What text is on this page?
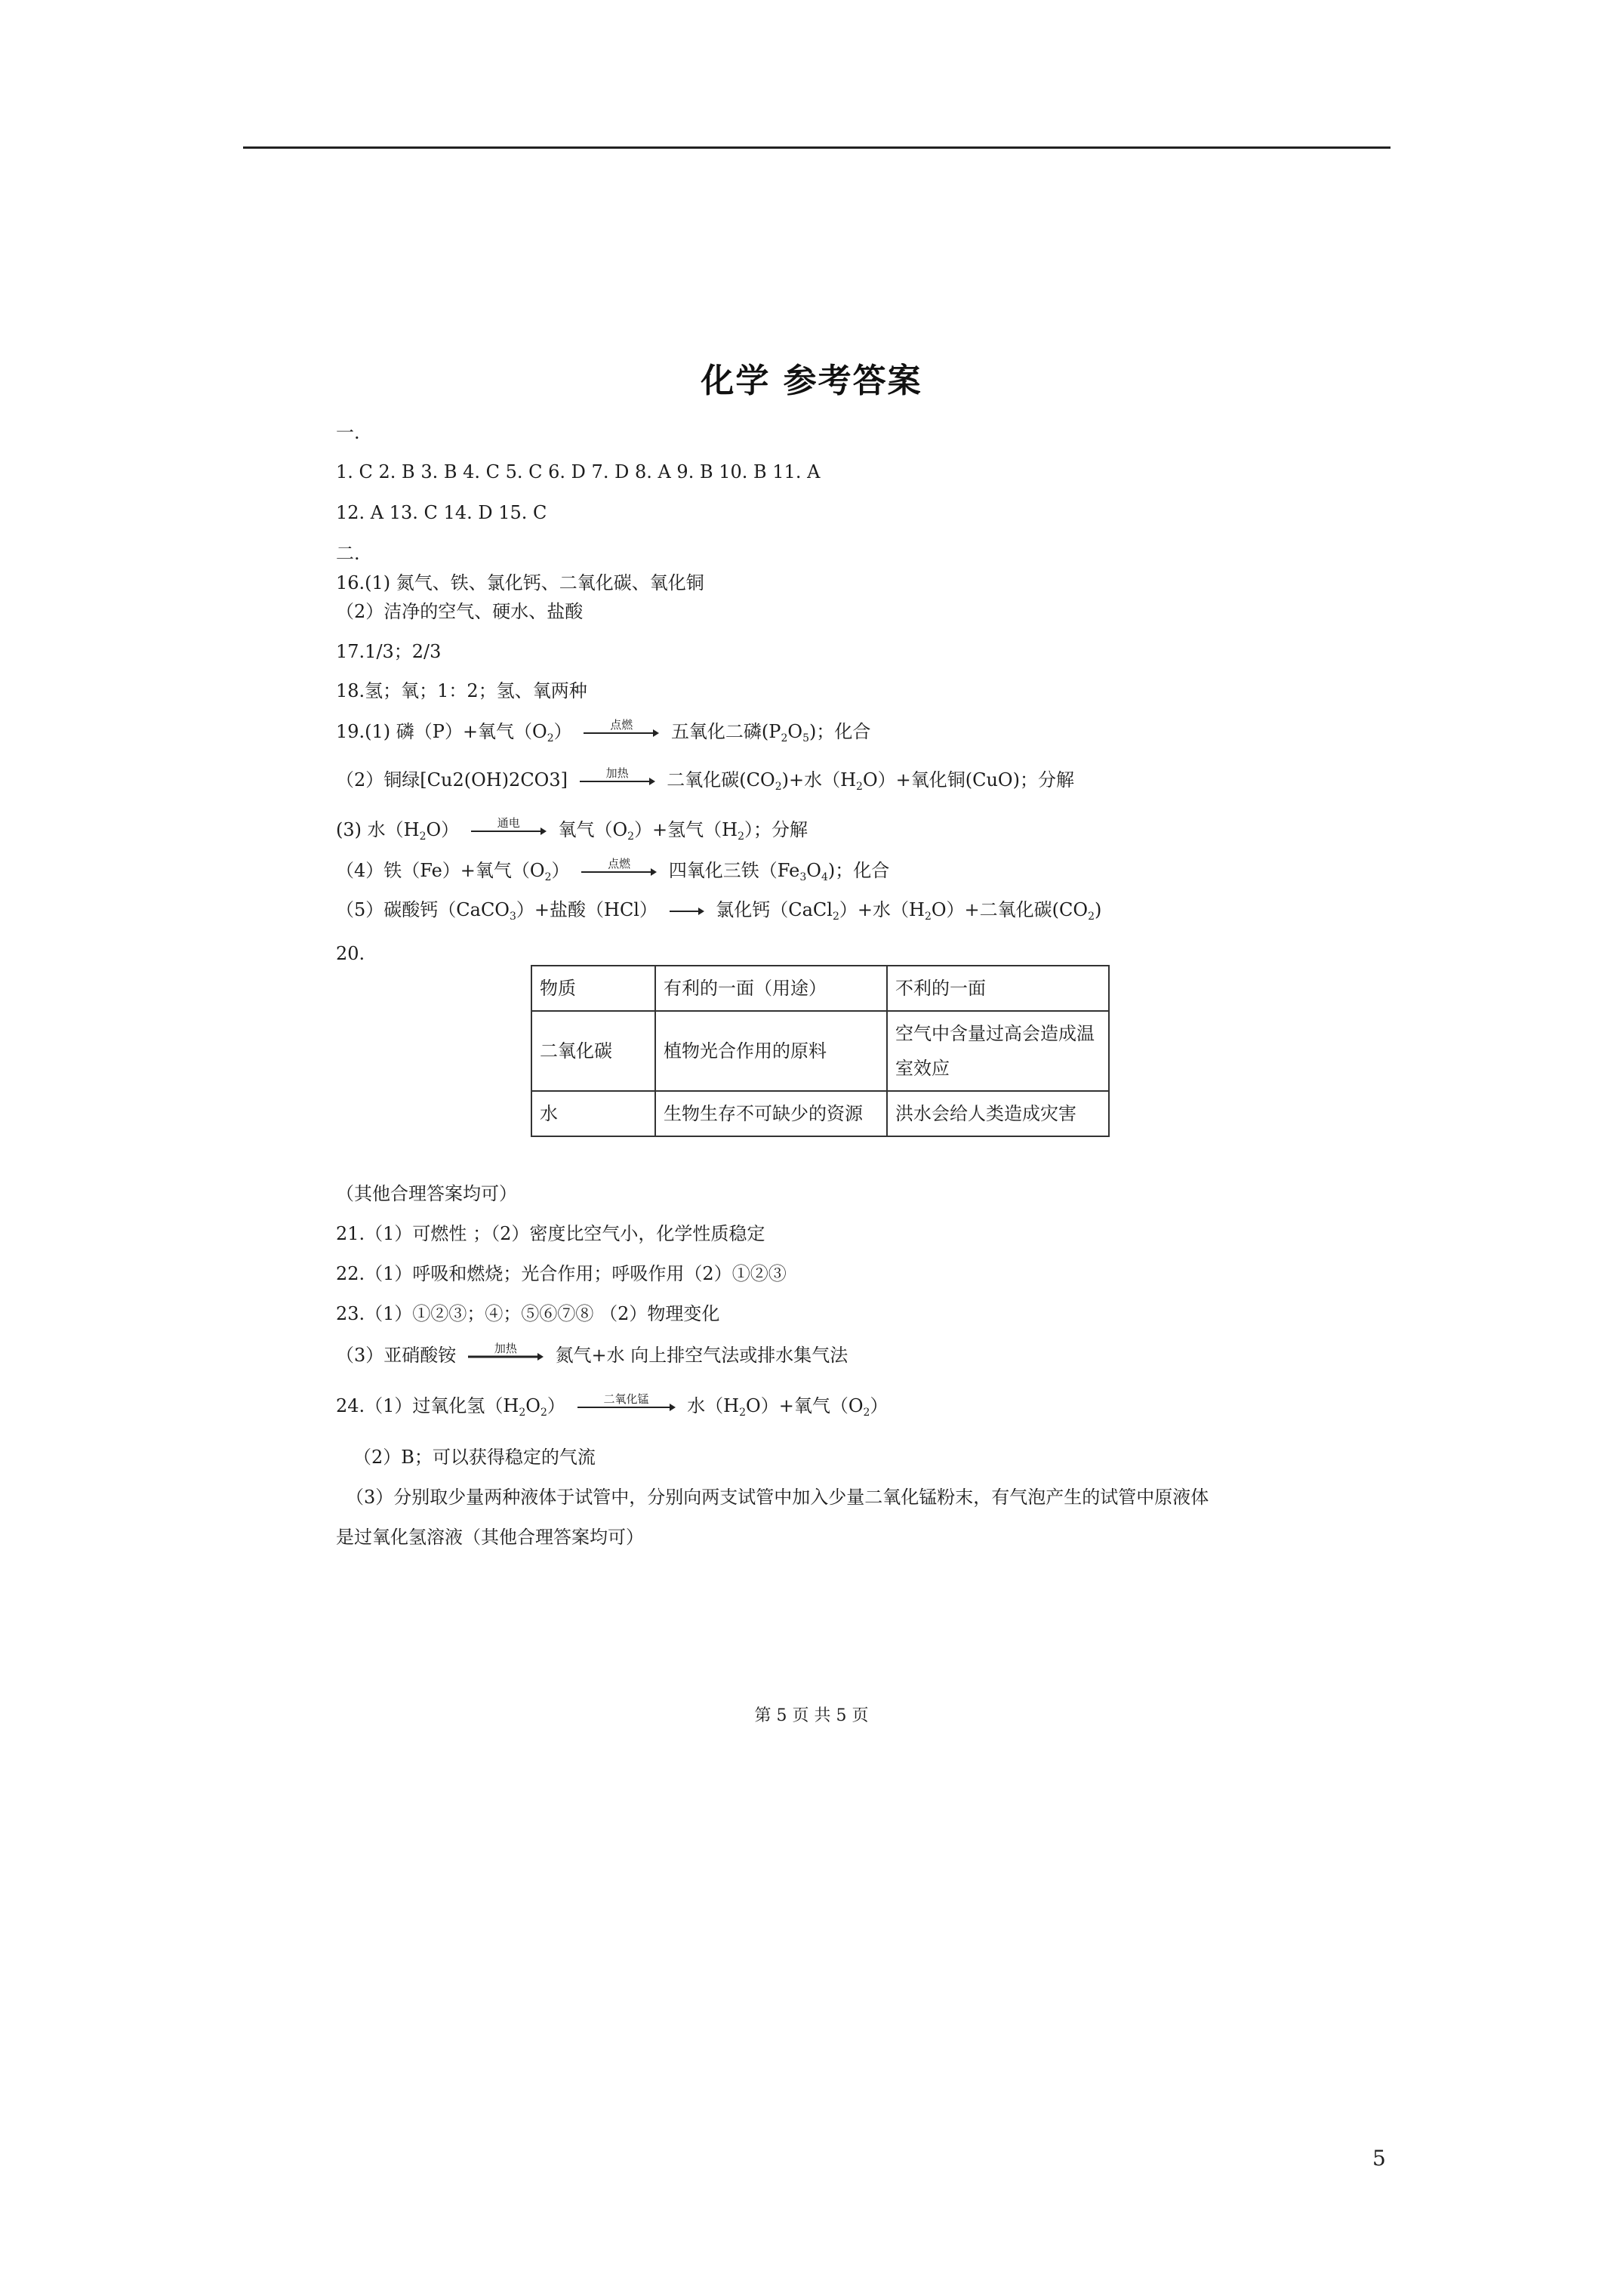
化学 参考答案
一.
1. C 2. B 3. B 4. C 5. C 6. D 7. D 8. A 9. B 10. B 11. A
12. A 13. C 14. D 15. C
二.
16.(1) 氮气、铁、氯化钙、二氧化碳、氧化铜
（2）洁净的空气、硬水、盐酸
17.1/3；2/3
18.氢；氧；1：2；氢、氧两种
19.(1) 磷（P）+氧气$(O_2)$	点燃	五氧化二磷$(P_2O_5)$；化合
（2）铜绿[Cu2(OH)2CO3]	加热	二氧化碳$(CO_2)+$水$(H_2O)+$氧化铜(CuO)；分解
(3) 水$(H_2O)$	通电	氧气$(O_2)+$氢气$(H_2)$；分解
（4）铁（Fe）+氧气$(O_2)$	点燃	四氧化三铁$(Fe_3O_4)$；化合
（5）碳酸钙（CaCO$_3$）+盐酸（HCl） → 氯化钙（CaCl$_2$）+水$(H_2O)+$二氧化碳$(CO_2)$
20.
物质	有利的一面（用途）	不利的一面
二氧化碳	植物光合作用的原料	空气中含量过高会造成温室效应
水	生物生存不可缺少的资源	洪水会给人类造成灾害
（其他合理答案均可）
21.（1）可燃性 ；（2）密度比空气小，化学性质稳定
22.（1）呼吸和燃烧；光合作用；呼吸作用（2）①②③
23.（1）①②③；④；⑤⑥⑦⑧ （2）物理变化
（3）亚硝酸铵	加热	氮气+水 向上排空气法或排水集气法
24.（1）过氧化氢$(H_2O_2)$	二氧化锰	水$(H_2O)+$氧气$(O_2)$
（2）B；可以获得稳定的气流
（3）分别取少量两种液体于试管中，分别向两支试管中加入少量二氧化锰粉末，有气泡产生的试管中原液体
是过氧化氢溶液（其他合理答案均可）
第 5 页 共 5 页
5
